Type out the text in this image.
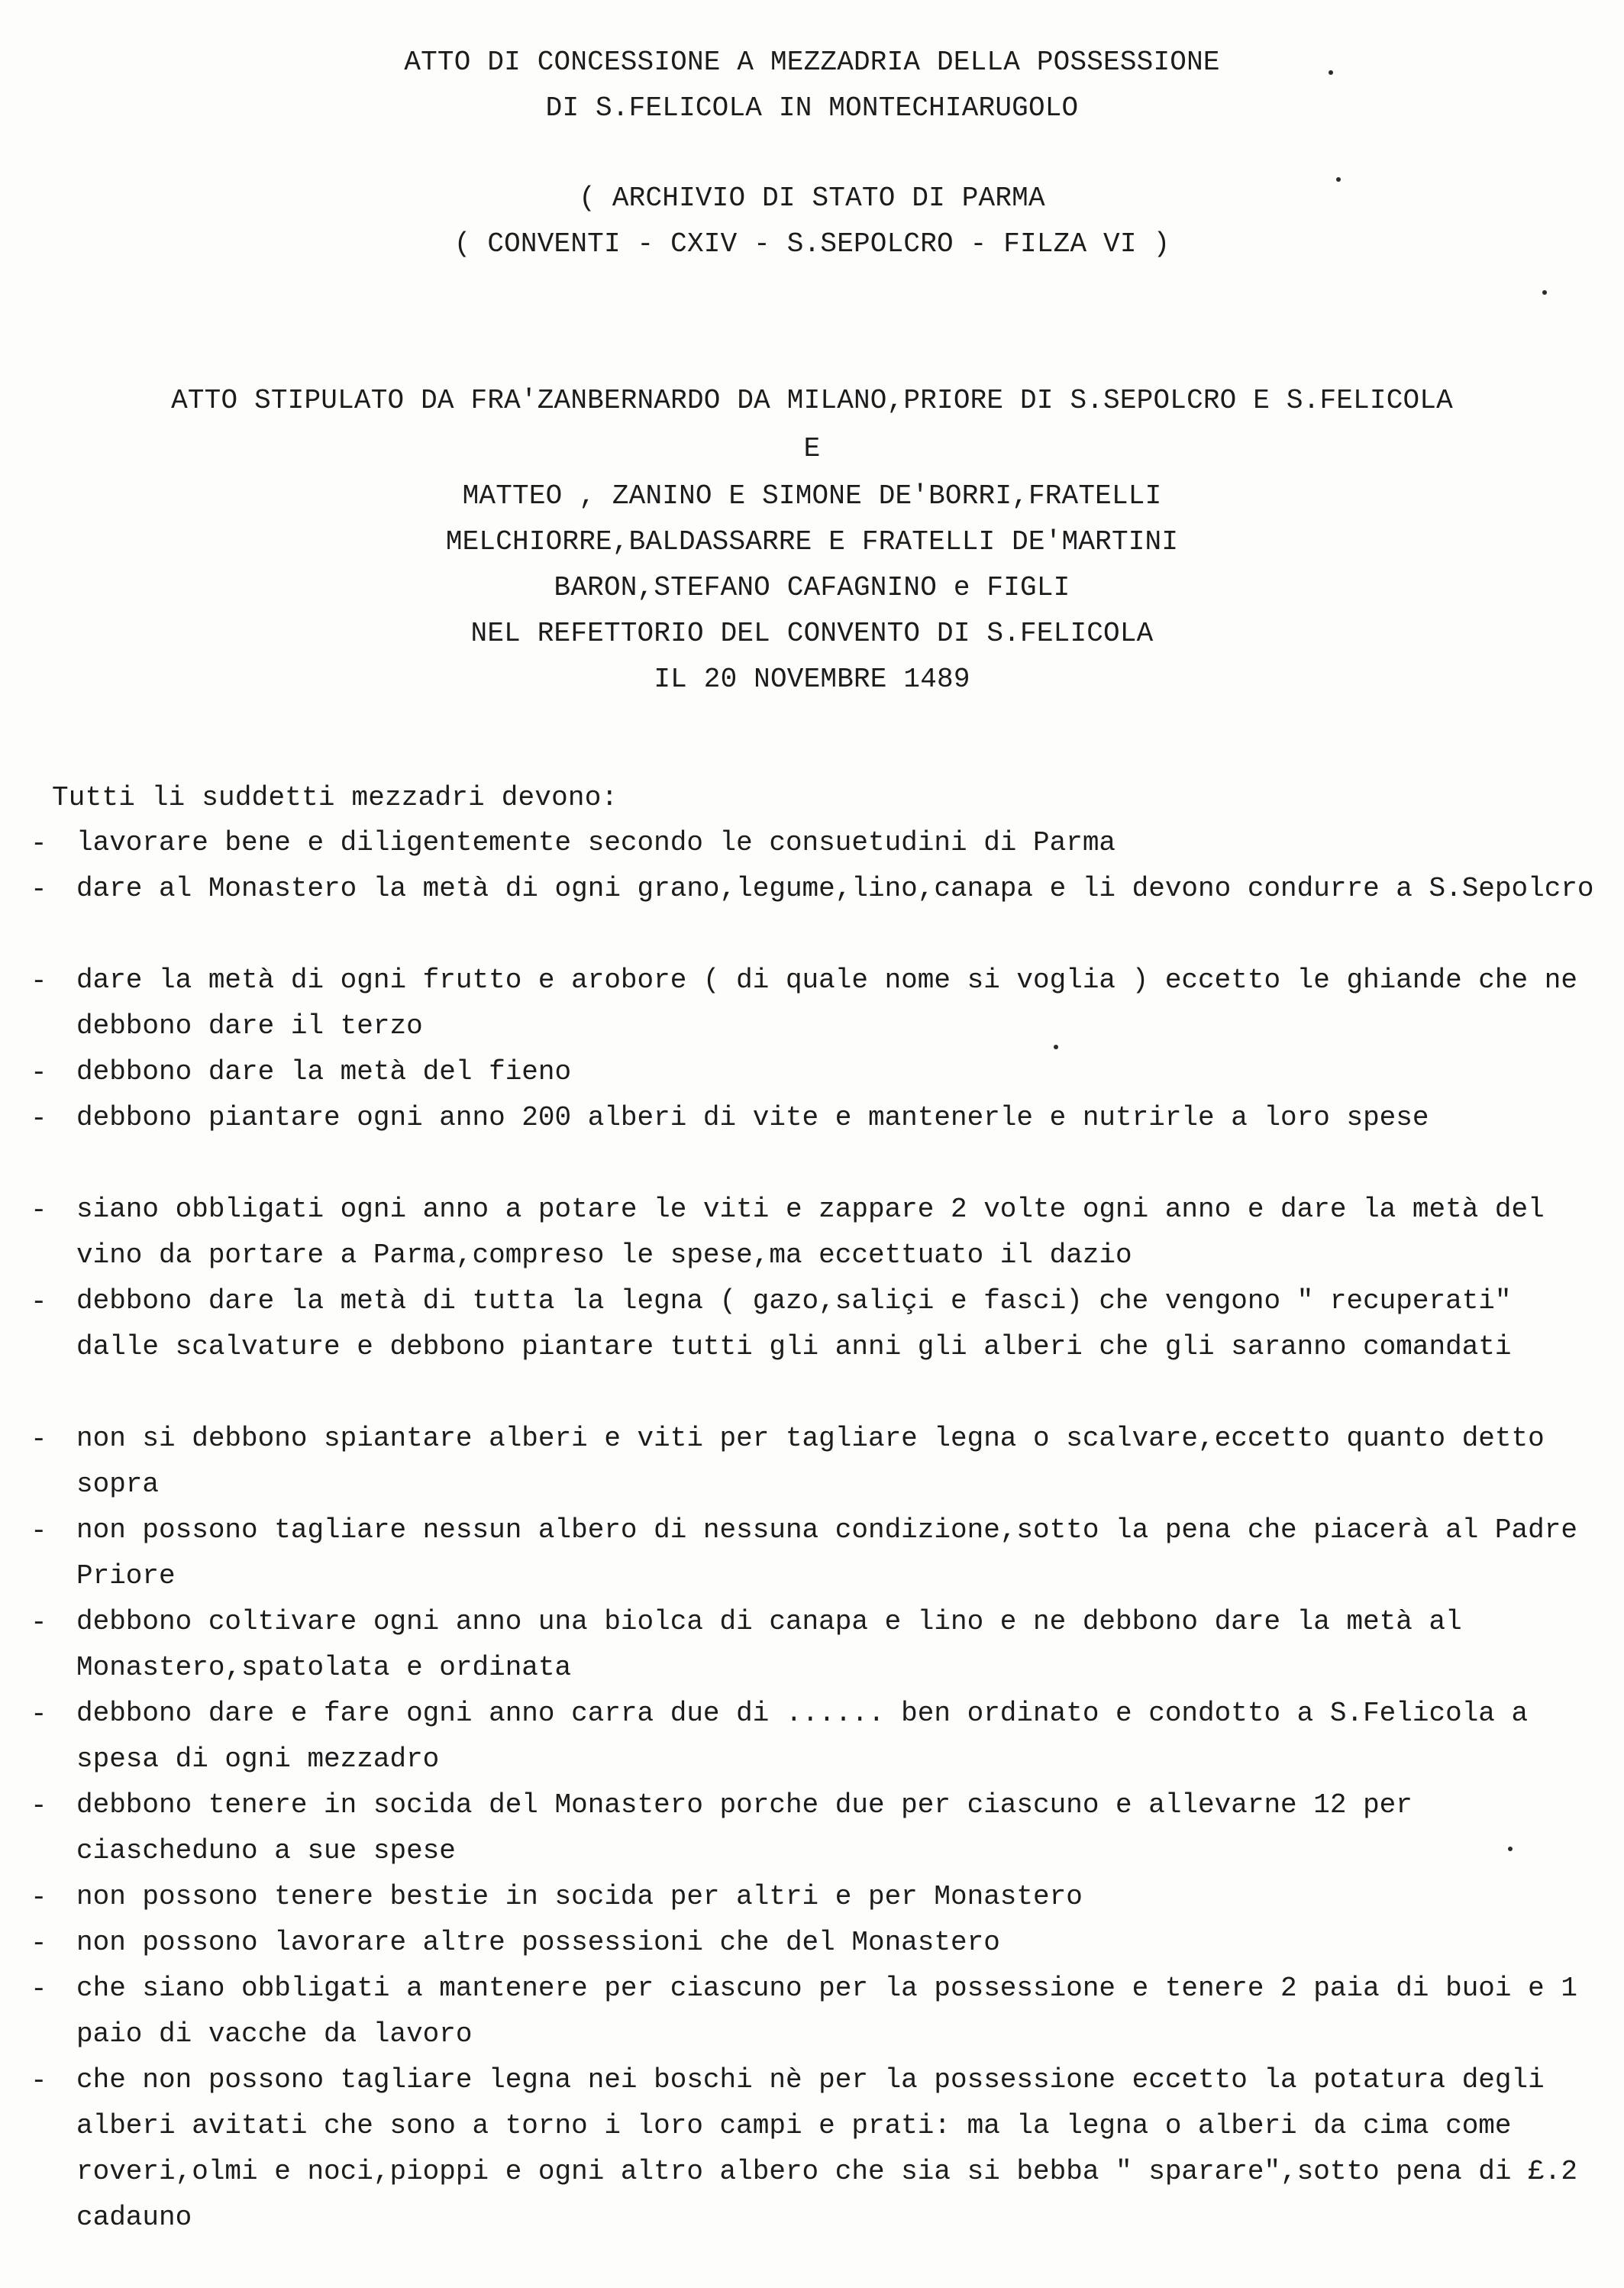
ATTO DI CONCESSIONE A MEZZADRIA DELLA POSSESSIONE
DI S.FELICOLA IN MONTECHIARUGOLO
( ARCHIVIO DI STATO DI PARMA
( CONVENTI - CXIV - S.SEPOLCRO - FILZA VI )
ATTO STIPULATO DA FRA'ZANBERNARDO DA MILANO,PRIORE DI S.SEPOLCRO E S.FELICOLA
E
MATTEO , ZANINO E SIMONE DE'BORRI,FRATELLI
MELCHIORRE,BALDASSARRE E FRATELLI DE'MARTINI
BARON,STEFANO CAFAGNINO e FIGLI
NEL REFETTORIO DEL CONVENTO DI S.FELICOLA
IL 20 NOVEMBRE 1489
Tutti li suddetti mezzadri devono:
- lavorare bene e diligentemente secondo le consuetudini di Parma
- dare al Monastero la metà di ogni grano,legume,lino,canapa e li devono condurre a S.Sepolcro
- dare la metà di ogni frutto e arobore ( di quale nome si voglia ) eccetto le ghiande che ne debbono dare il terzo
- debbono dare la metà del fieno
- debbono piantare ogni anno 200 alberi di vite e mantenerle e nutrirle a loro spese
- siano obbligati ogni anno a potare le viti e zappare 2 volte ogni anno e dare la metà del vino da portare a Parma,compreso le spese,ma eccettuato il dazio
- debbono dare la metà di tutta la legna ( gazo,saliçi e fasci) che vengono " recuperati" dalle scalvature e debbono piantare tutti gli anni gli alberi che gli saranno comandati
- non si debbono spiantare alberi e viti per tagliare legna o scalvare,eccetto quanto detto sopra
- non possono tagliare nessun albero di nessuna condizione,sotto la pena che piacerà al Padre Priore
- debbono coltivare ogni anno una biolca di canapa e lino e ne debbono dare la metà al Monastero,spatolata e ordinata
- debbono dare e fare ogni anno carra due di ...... ben ordinato e condotto a S.Felicola a spesa di ogni mezzadro
- debbono tenere in socida del Monastero porche due per ciascuno e allevarne 12 per ciascheduno a sue spese
- non possono tenere bestie in socida per altri e per Monastero
- non possono lavorare altre possessioni che del Monastero
- che siano obbligati a mantenere per ciascuno per la possessione e tenere 2 paia di buoi e 1 paio di vacche da lavoro
- che non possono tagliare legna nei boschi nè per la possessione eccetto la potatura degli alberi avitati che sono a torno i loro campi e prati: ma la legna o alberi da cima come roveri,olmi e noci,pioppi e ogni altro albero che sia si bebba " sparare",sotto pena di £.2 cadauno
